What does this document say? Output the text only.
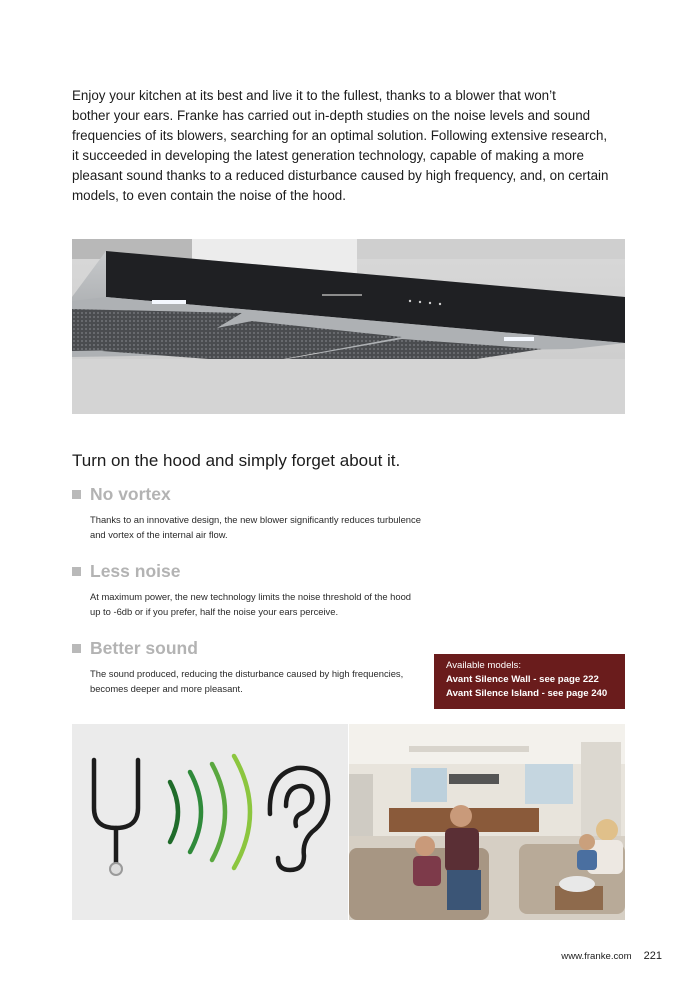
Enjoy your kitchen at its best and live it to the fullest, thanks to a blower that won’t
bother your ears. Franke has carried out in-depth studies on the noise levels and sound
frequencies of its blowers, searching for an optimal solution. Following extensive research,
it succeeded in developing the latest generation technology, capable of making a more
pleasant sound thanks to a reduced disturbance caused by high frequency, and, on certain
models, to even contain the noise of the hood.

Turn on the hood and simply forget about it.
No vortex

Thanks to an innovative design, the new blower significantly reduces turbulence
and vortex of the internal air flow.

Less noise

At maximum power, the new technology limits the noise threshold of the hood
up to -6db or if you prefer, half the noise your ears perceive.

Better sound

The sound produced, reducing the disturbance caused by high frequencies,
becomes deeper and more pleasant.

Available models:
Avant Silence Wall - see page 222
Avant Silence Island - see page 240
www.franke.com 221
